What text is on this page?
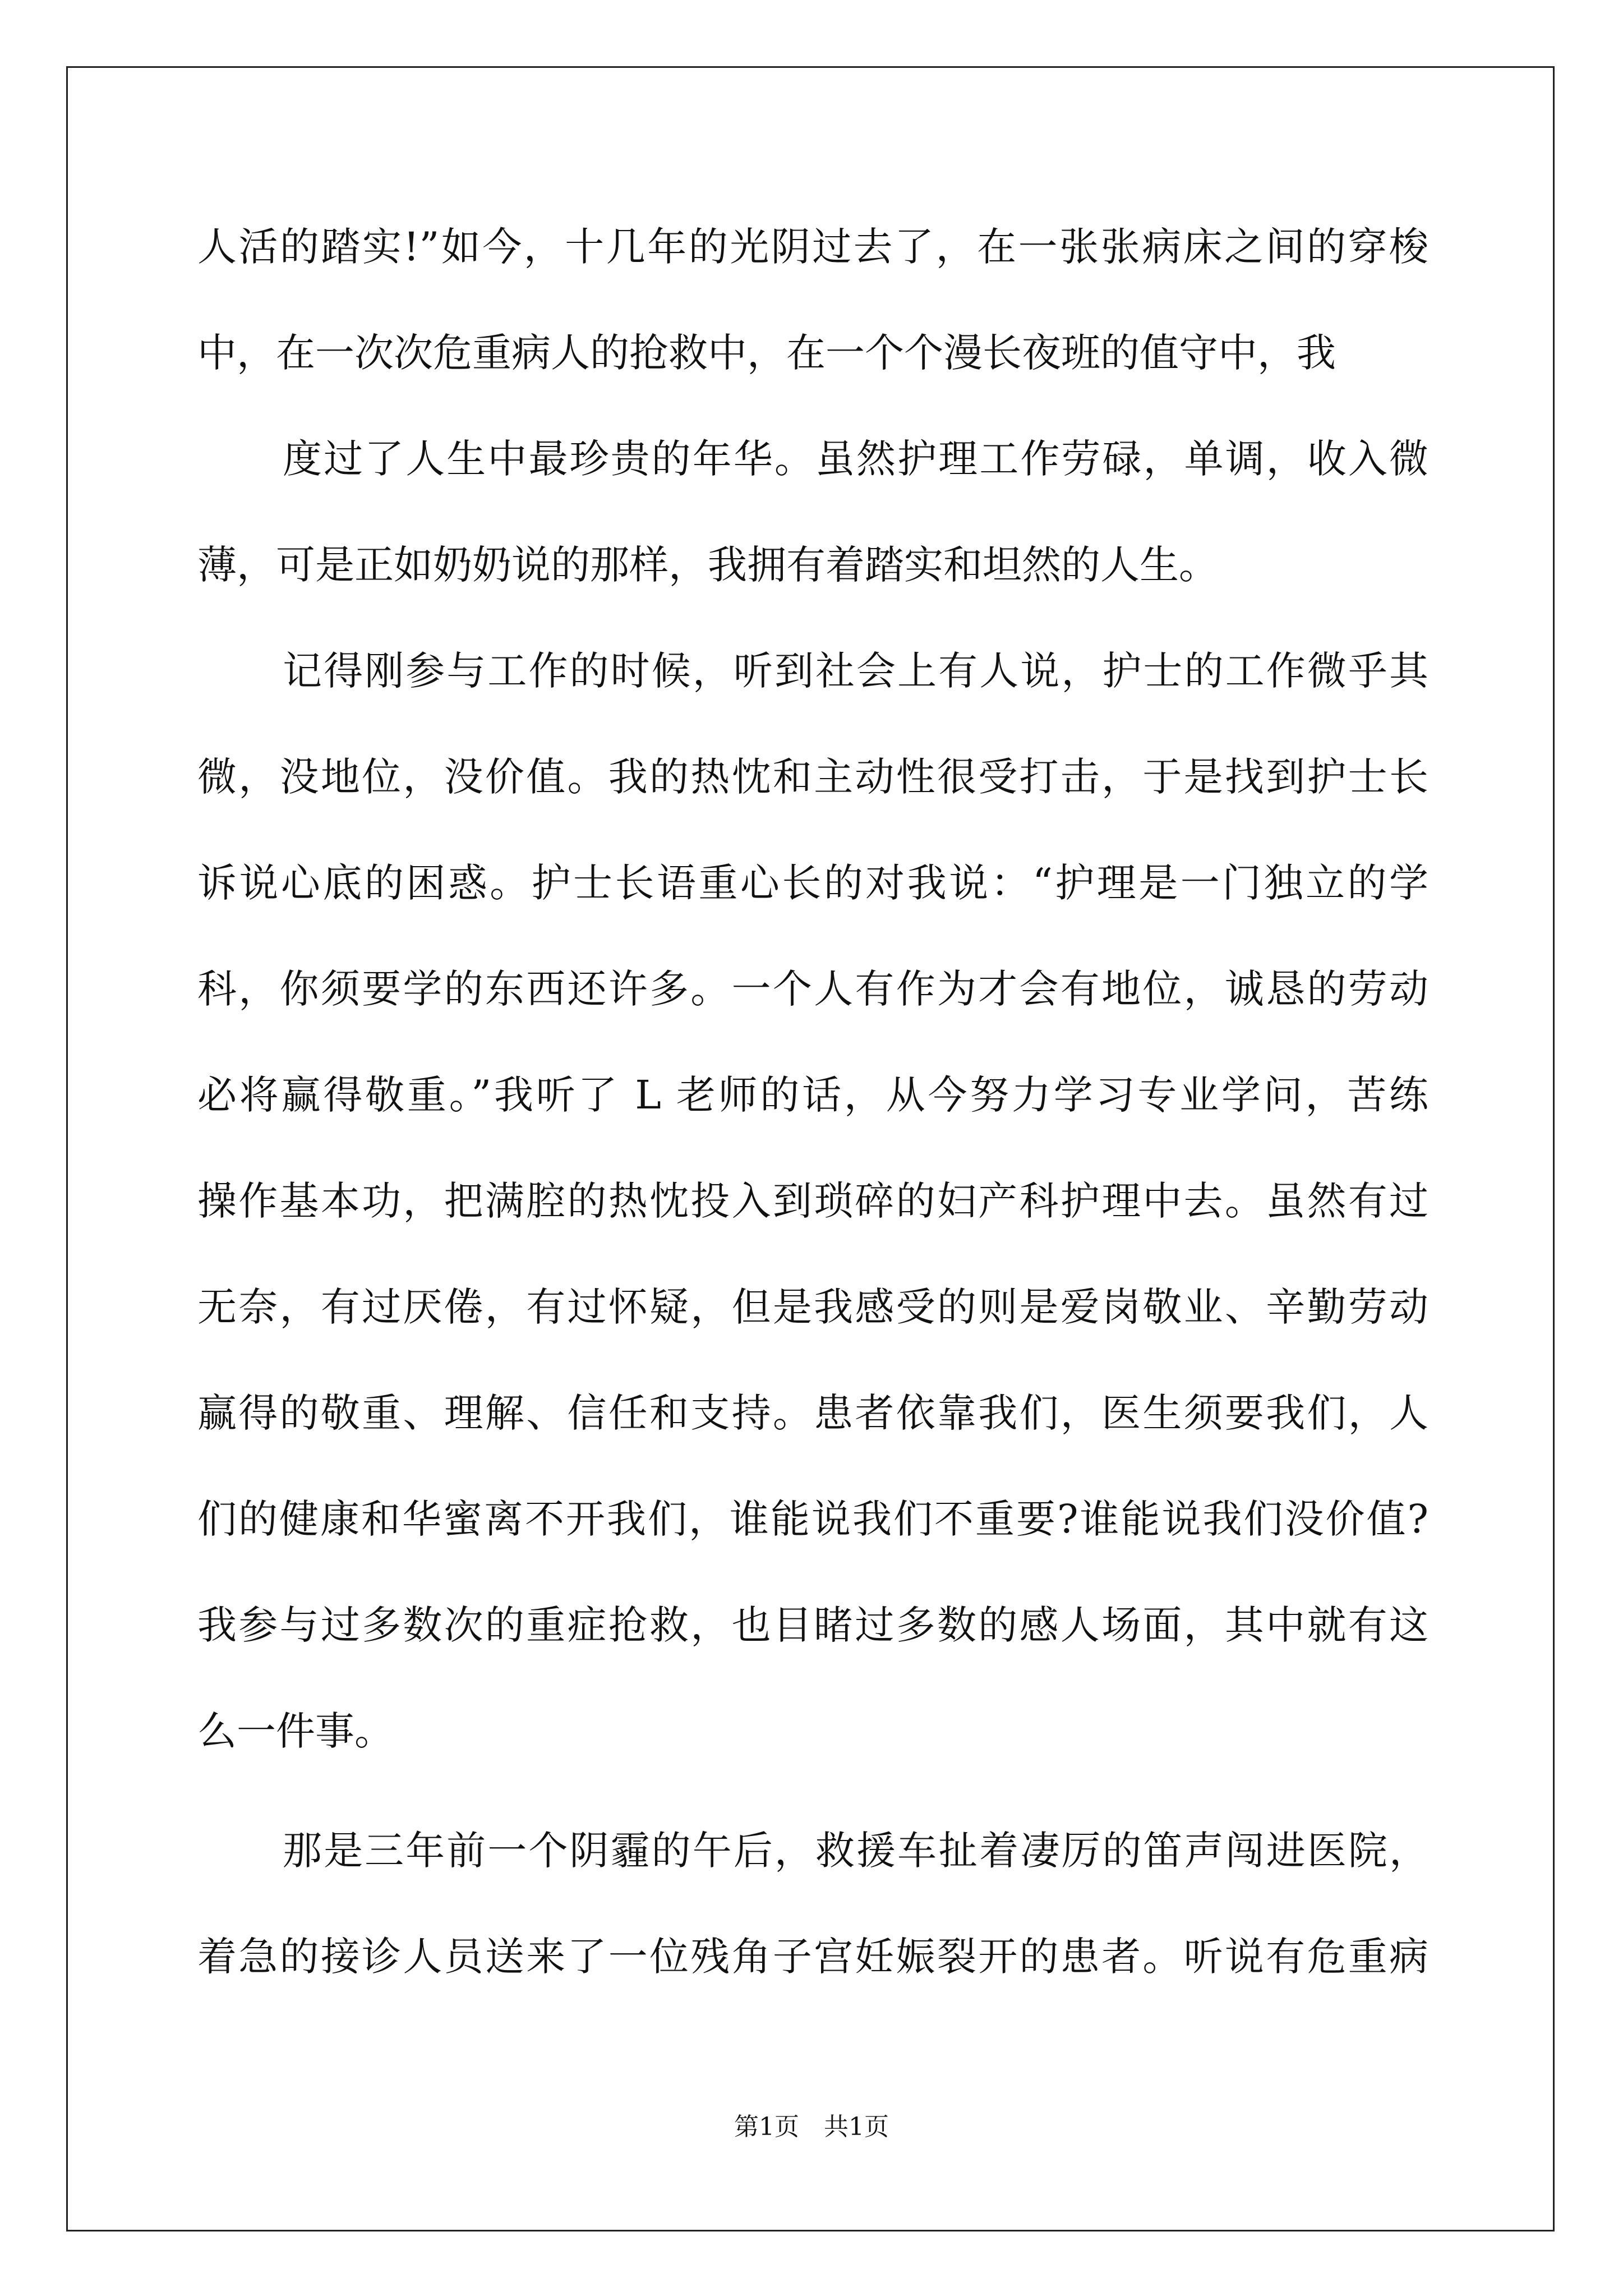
人活的踏实!”如今，十几年的光阴过去了，在一张张病床之间的穿梭
中，在一次次危重病人的抢救中，在一个个漫长夜班的值守中，我
度过了人生中最珍贵的年华。虽然护理工作劳碌，单调，收入微
薄，可是正如奶奶说的那样，我拥有着踏实和坦然的人生。
记得刚参与工作的时候，听到社会上有人说，护士的工作微乎其
微，没地位，没价值。我的热忱和主动性很受打击，于是找到护士长
诉说心底的困惑。护士长语重心长的对我说：“护理是一门独立的学
科，你须要学的东西还许多。一个人有作为才会有地位，诚恳的劳动
必将赢得敬重。”我听了 L 老师的话，从今努力学习专业学问，苦练
操作基本功，把满腔的热忱投入到琐碎的妇产科护理中去。虽然有过
无奈，有过厌倦，有过怀疑，但是我感受的则是爱岗敬业、辛勤劳动
赢得的敬重、理解、信任和支持。患者依靠我们，医生须要我们，人
们的健康和华蜜离不开我们，谁能说我们不重要?谁能说我们没价值?
我参与过多数次的重症抢救，也目睹过多数的感人场面，其中就有这
么一件事。
那是三年前一个阴霾的午后，救援车扯着凄厉的笛声闯进医院，
着急的接诊人员送来了一位残角子宫妊娠裂开的患者。听说有危重病
第1页　共1页
